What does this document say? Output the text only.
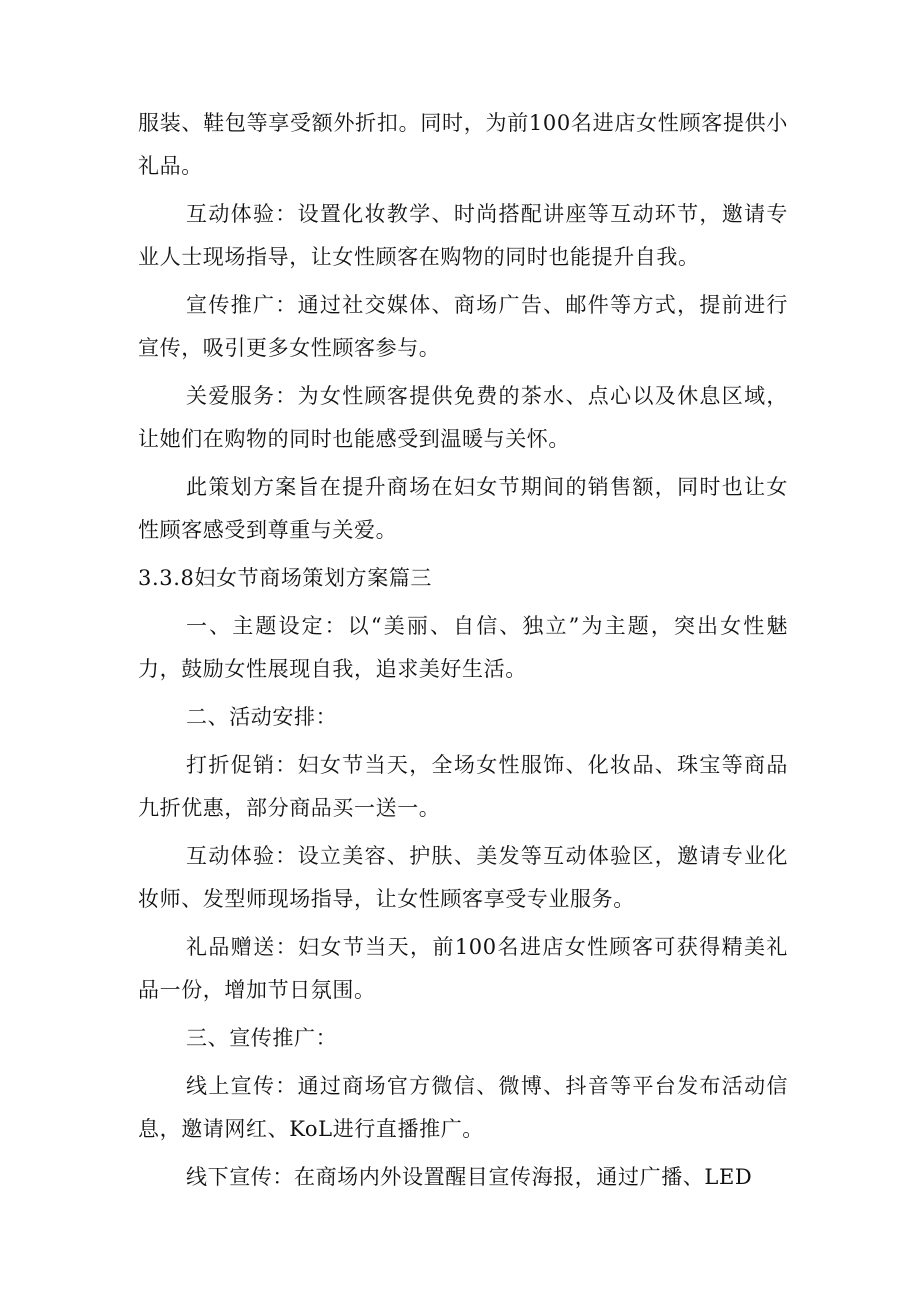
服装、鞋包等享受额外折扣。同时，为前100名进店女性顾客提供小礼品。

互动体验：设置化妆教学、时尚搭配讲座等互动环节，邀请专业人士现场指导，让女性顾客在购物的同时也能提升自我。

宣传推广：通过社交媒体、商场广告、邮件等方式，提前进行宣传，吸引更多女性顾客参与。

关爱服务：为女性顾客提供免费的茶水、点心以及休息区域，让她们在购物的同时也能感受到温暖与关怀。

此策划方案旨在提升商场在妇女节期间的销售额，同时也让女性顾客感受到尊重与关爱。

3.3.8妇女节商场策划方案篇三

一、主题设定：以“美丽、自信、独立”为主题，突出女性魅力，鼓励女性展现自我，追求美好生活。

二、活动安排：

打折促销：妇女节当天，全场女性服饰、化妆品、珠宝等商品九折优惠，部分商品买一送一。

互动体验：设立美容、护肤、美发等互动体验区，邀请专业化妆师、发型师现场指导，让女性顾客享受专业服务。

礼品赠送：妇女节当天，前100名进店女性顾客可获得精美礼品一份，增加节日氛围。

三、宣传推广：

线上宣传：通过商场官方微信、微博、抖音等平台发布活动信息，邀请网红、KoL进行直播推广。

线下宣传：在商场内外设置醒目宣传海报，通过广播、LED
